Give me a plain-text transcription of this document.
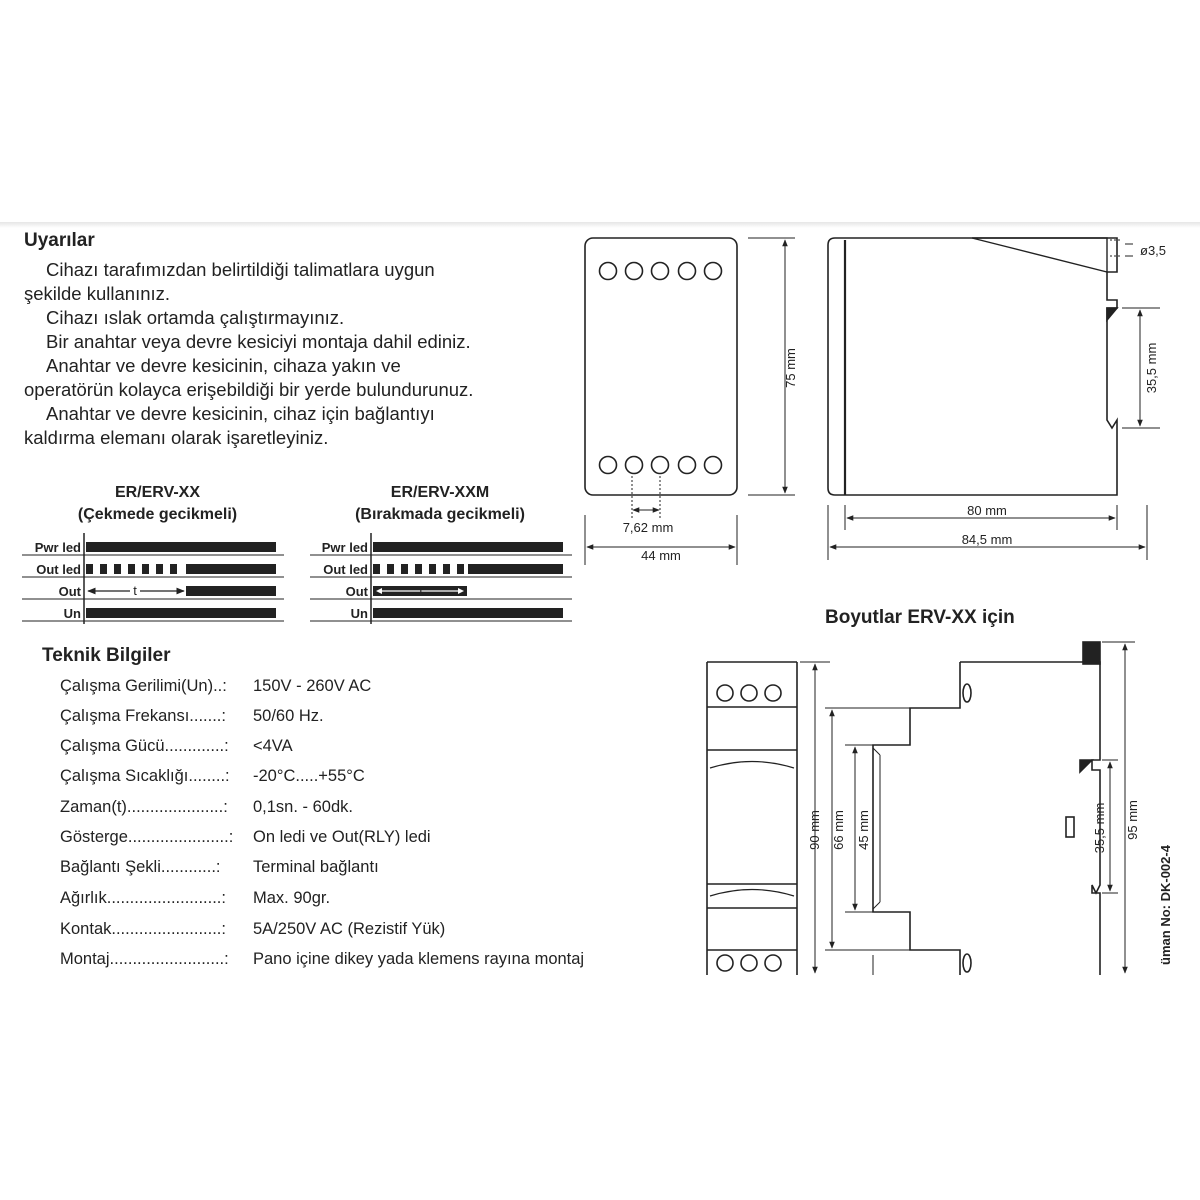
Uyarılar

Cihazı tarafımızdan belirtildiği talimatlara uygun

şekilde kullanınız.

Cihazı ıslak ortamda çalıştırmayınız.

Bir anahtar veya devre kesiciyi montaja dahil ediniz.

Anahtar ve devre kesicinin, cihaza yakın ve

operatörün kolayca erişebildiği bir yerde bulundurunuz.

Anahtar ve devre kesicinin, cihaz için bağlantıyı

kaldırma elemanı olarak işaretleyiniz.

ER/ERV-XX
(Çekmede gecikmeli)
ER/ERV-XXM
(Bırakmada gecikmeli)
Teknik Bilgiler
Çalışma Gerilimi(Un)..: 150V - 260V AC
Çalışma Frekansı.......: 50/60 Hz.
Çalışma Gücü.............: <4VA
Çalışma Sıcaklığı........: -20°C.....+55°C
Zaman(t).....................: 0,1sn. - 60dk.
Gösterge......................: On ledi ve Out(RLY) ledi
Bağlantı Şekli............: Terminal bağlantı
Ağırlık.........................: Max. 90gr.
Kontak........................: 5A/250V AC (Rezistif Yük)
Montaj.........................: Pano içine dikey yada klemens rayına montaj
Boyutlar ERV-XX için
Pwr led
Out led
Out
Un
t
Pwr led
Out led
Out
Un
t
7,62 mm
44 mm
75 mm
ø3,5
35,5 mm
80 mm
84,5 mm
90 mm 66 mm 45 mm	35,5 mm 95 mm
üman No: DK-002-4
